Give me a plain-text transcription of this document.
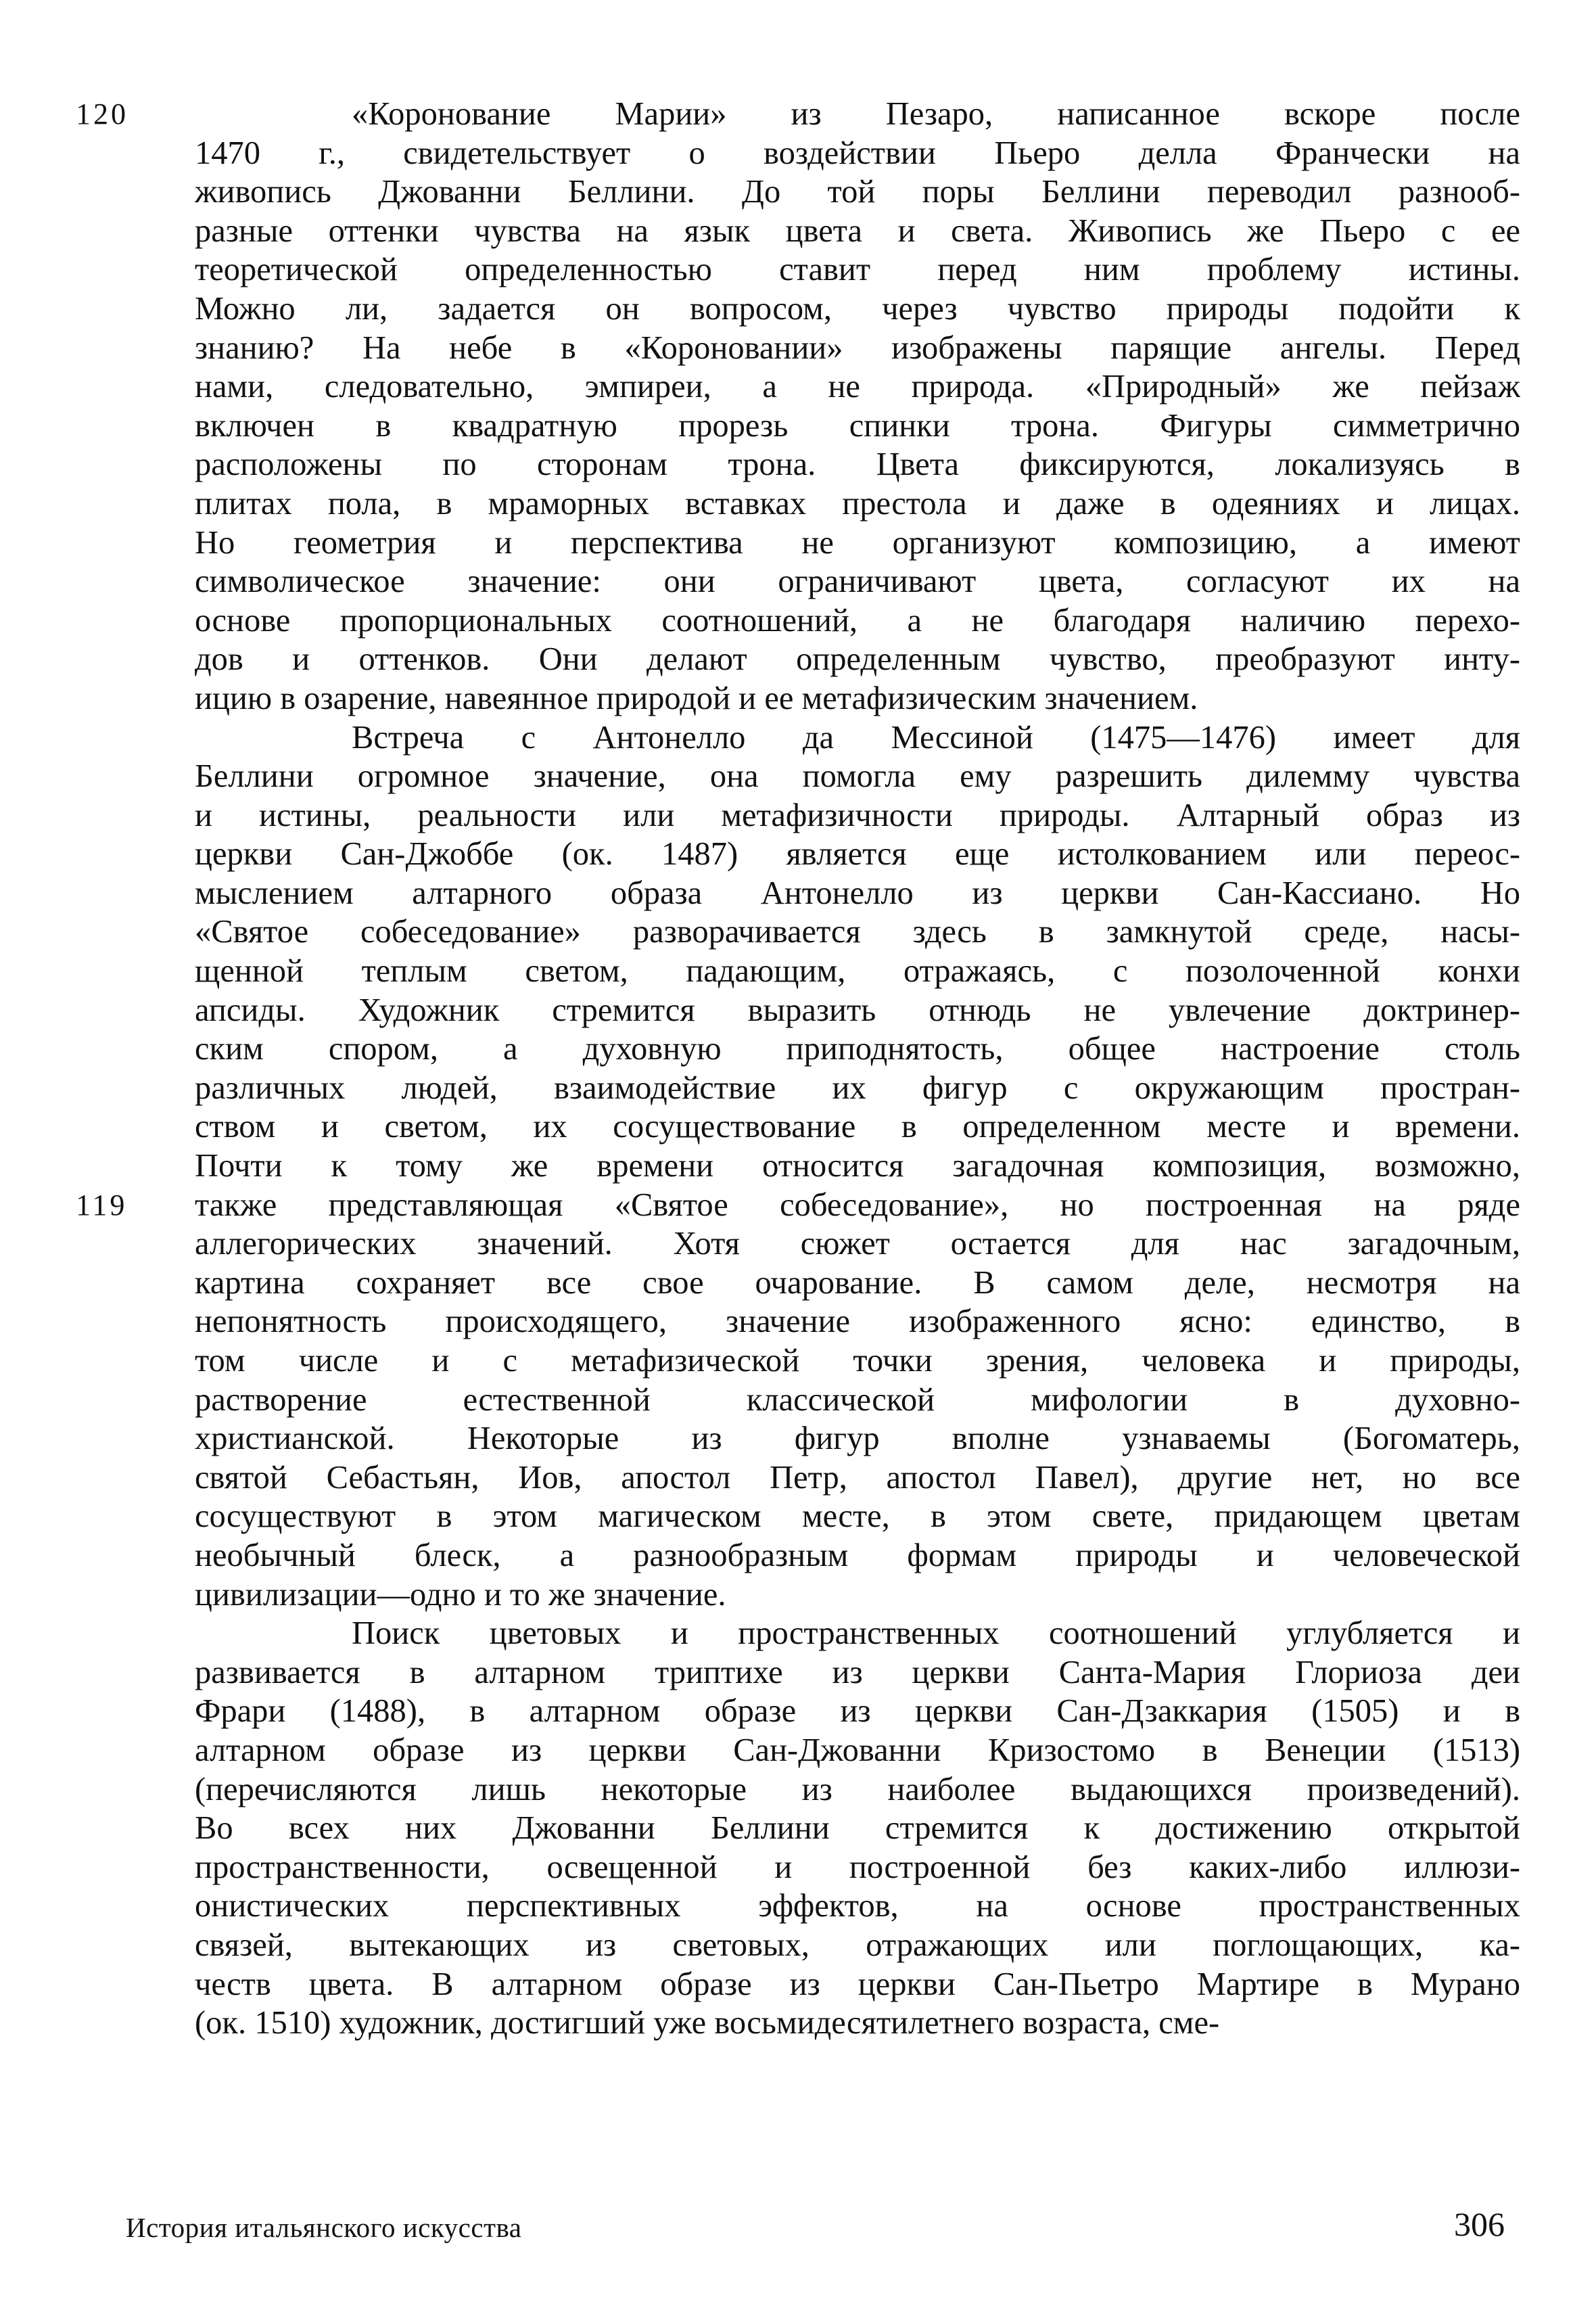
120
119
«Коронование Марии» из Пезаро, написанное вскоре после
1470 г., свидетельствует о воздействии Пьеро делла Франчески на
живопись Джованни Беллини. До той поры Беллини переводил разнооб-
разные оттенки чувства на язык цвета и света. Живопись же Пьеро с ее
теоретической определенностью ставит перед ним проблему истины.
Можно ли, задается он вопросом, через чувство природы подойти к
знанию? На небе в «Короновании» изображены парящие ангелы. Перед
нами, следовательно, эмпиреи, а не природа. «Природный» же пейзаж
включен в квадратную прорезь спинки трона. Фигуры симметрично
расположены по сторонам трона. Цвета фиксируются, локализуясь в
плитах пола, в мраморных вставках престола и даже в одеяниях и лицах.
Но геометрия и перспектива не организуют композицию, а имеют
символическое значение: они ограничивают цвета, согласуют их на
основе пропорциональных соотношений, а не благодаря наличию перехо-
дов и оттенков. Они делают определенным чувство, преобразуют инту-
ицию в озарение, навеянное природой и ее метафизическим значением.
Встреча с Антонелло да Мессиной (1475—1476) имеет для
Беллини огромное значение, она помогла ему разрешить дилемму чувства
и истины, реальности или метафизичности природы. Алтарный образ из
церкви Сан-Джоббе (ок. 1487) является еще истолкованием или переос-
мыслением алтарного образа Антонелло из церкви Сан-Кассиано. Но
«Святое собеседование» разворачивается здесь в замкнутой среде, насы-
щенной теплым светом, падающим, отражаясь, с позолоченной конхи
апсиды. Художник стремится выразить отнюдь не увлечение доктринер-
ским спором, а духовную приподнятость, общее настроение столь
различных людей, взаимодействие их фигур с окружающим простран-
ством и светом, их сосуществование в определенном месте и времени.
Почти к тому же времени относится загадочная композиция, возможно,
также представляющая «Святое собеседование», но построенная на ряде
аллегорических значений. Хотя сюжет остается для нас загадочным,
картина сохраняет все свое очарование. В самом деле, несмотря на
непонятность происходящего, значение изображенного ясно: единство, в
том числе и с метафизической точки зрения, человека и природы,
растворение естественной классической мифологии в духовно-
христианской. Некоторые из фигур вполне узнаваемы (Богоматерь,
святой Себастьян, Иов, апостол Петр, апостол Павел), другие нет, но все
сосуществуют в этом магическом месте, в этом свете, придающем цветам
необычный блеск, а разнообразным формам природы и человеческой
цивилизации—одно и то же значение.
Поиск цветовых и пространственных соотношений углубляется и
развивается в алтарном триптихе из церкви Санта-Мария Глориоза деи
Фрари (1488), в алтарном образе из церкви Сан-Дзаккария (1505) и в
алтарном образе из церкви Сан-Джованни Кризостомо в Венеции (1513)
(перечисляются лишь некоторые из наиболее выдающихся произведений).
Во всех них Джованни Беллини стремится к достижению открытой
пространственности, освещенной и построенной без каких-либо иллюзи-
онистических перспективных эффектов, на основе пространственных
связей, вытекающих из световых, отражающих или поглощающих, ка-
честв цвета. В алтарном образе из церкви Сан-Пьетро Мартире в Мурано
(ок. 1510) художник, достигший уже восьмидесятилетнего возраста, сме-
История итальянского искусства	306
